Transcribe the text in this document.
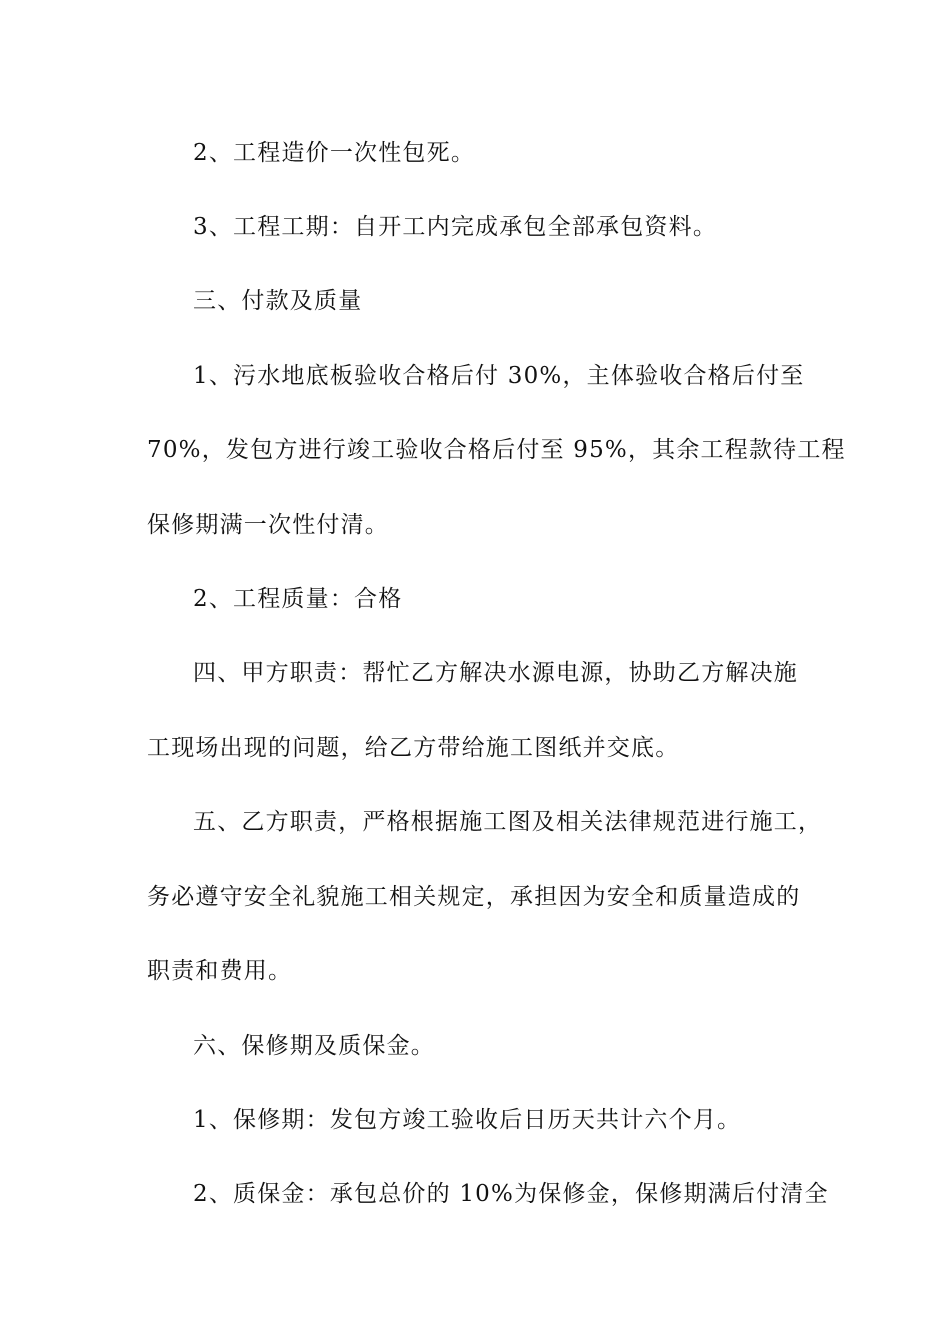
2、工程造价一次性包死。
3、工程工期：自开工内完成承包全部承包资料。
三、付款及质量
1、污水地底板验收合格后付 30%，主体验收合格后付至
70%，发包方进行竣工验收合格后付至 95%，其余工程款待工程
保修期满一次性付清。
2、工程质量：合格
四、甲方职责：帮忙乙方解决水源电源，协助乙方解决施
工现场出现的问题，给乙方带给施工图纸并交底。
五、乙方职责，严格根据施工图及相关法律规范进行施工，
务必遵守安全礼貌施工相关规定，承担因为安全和质量造成的
职责和费用。
六、保修期及质保金。
1、保修期：发包方竣工验收后日历天共计六个月。
2、质保金：承包总价的 10%为保修金，保修期满后付清全
